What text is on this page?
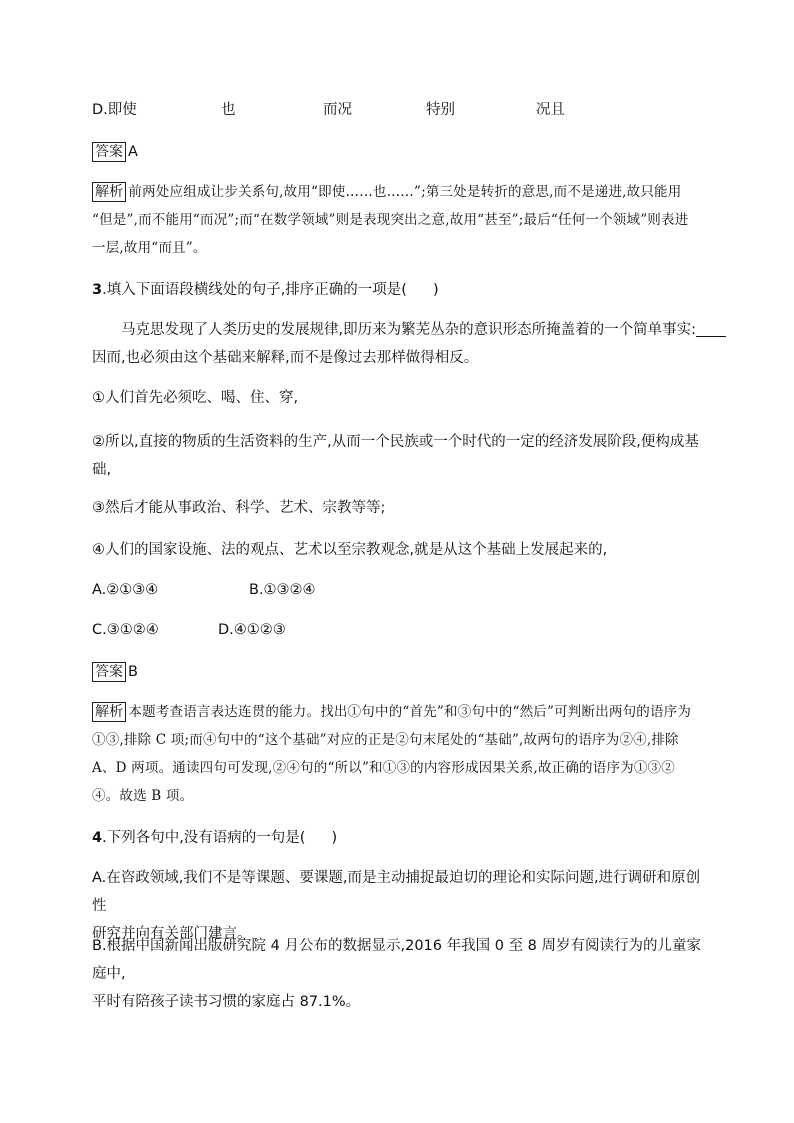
D.即使	也	而况	特别	况且
答案 A
解析 前两处应组成让步关系句,故用“即使……也……”;第三处是转折的意思,而不是递进,故只能用
“但是”,而不能用“而况”;而“在数学领域”则是表现突出之意,故用“甚至”;最后“任何一个领域”则表进
一层,故用“而且”。
3.填入下面语段横线处的句子,排序正确的一项是( )
马克思发现了人类历史的发展规律,即历来为繁芜丛杂的意识形态所掩盖着的一个简单事实:
因而,也必须由这个基础来解释,而不是像过去那样做得相反。
①人们首先必须吃、喝、住、穿,
②所以,直接的物质的生活资料的生产,从而一个民族或一个时代的一定的经济发展阶段,便构成基
础,
③然后才能从事政治、科学、艺术、宗教等等;
④人们的国家设施、法的观点、艺术以至宗教观念,就是从这个基础上发展起来的,
A.②①③④	B.①③②④
C.③①②④	D.④①②③
答案 B
解析 本题考查语言表达连贯的能力。找出①句中的“首先”和③句中的“然后”可判断出两句的语序为
①③,排除 C 项;而④句中的“这个基础”对应的正是②句末尾处的“基础”,故两句的语序为②④,排除
A、D 两项。通读四句可发现,②④句的“所以”和①③的内容形成因果关系,故正确的语序为①③②
④。故选 B 项。
4.下列各句中,没有语病的一句是( )
A.在咨政领域,我们不是等课题、要课题,而是主动捕捉最迫切的理论和实际问题,进行调研和原创性
研究并向有关部门建言。
B.根据中国新闻出版研究院 4 月公布的数据显示,2016 年我国 0 至 8 周岁有阅读行为的儿童家庭中,
平时有陪孩子读书习惯的家庭占 87.1%。
